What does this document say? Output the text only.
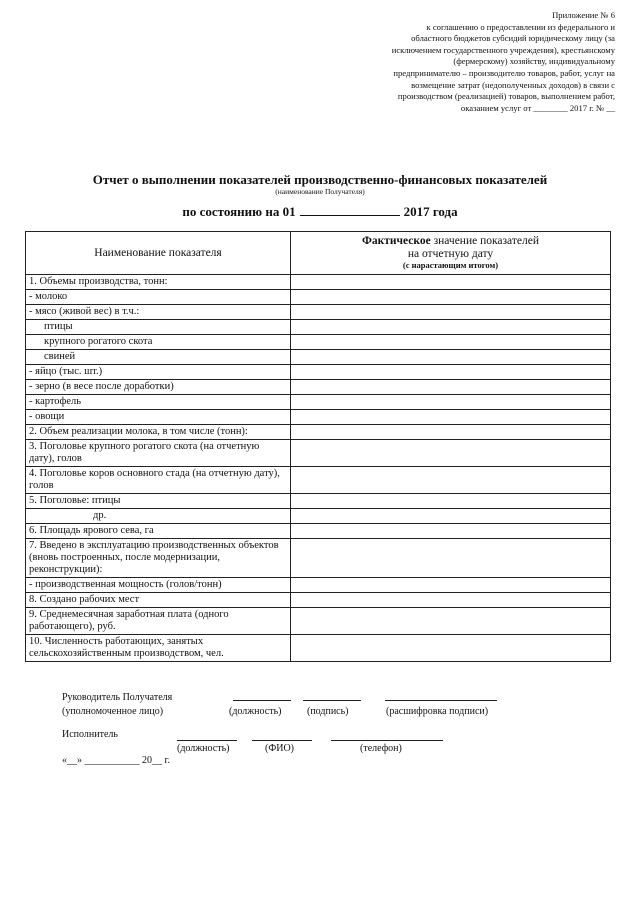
Приложение № 6
к соглашению о предоставлении из федерального и
областного бюджетов субсидий юридическому лицу (за
исключением государственного учреждения), крестьянскому
(фермерскому) хозяйству, индивидуальному
предпринимателю – производителю товаров, работ, услуг на
возмещение затрат (недополученных доходов) в связи с
производством (реализацией) товаров, выполнением работ,
оказанием услуг от ________ 2017 г. № __
Отчет о выполнении показателей производственно-финансовых показателей
(наименование Получателя)
по состоянию на 01	2017 года
Наименование показателя	Фактическое значение показателей
на отчетную дату
(с нарастающим итогом)

1. Объемы производства, тонн:	
- молоко	
- мясо (живой вес) в т.ч.:	
птицы	
крупного рогатого скота	
свиней	
- яйцо (тыс. шт.)	
- зерно (в весе после доработки)	
- картофель	
- овощи	
2. Объем реализации молока, в том числе (тонн):	
3. Поголовье крупного рогатого скота (на отчетную дату), голов	
4. Поголовье коров основного стада (на отчетную дату), голов	
5. Поголовье: птицы	
др.	
6. Площадь ярового сева, га	
7. Введено в эксплуатацию производственных объектов (вновь построенных, после модернизации, реконструкции):	
- производственная мощность (голов/тонн)	
8. Создано рабочих мест	
9. Среднемесячная заработная плата (одного работающего), руб.	
10. Численность работающих, занятых сельскохозяйственным производством, чел.	
Руководитель Получателя
(уполномоченное лицо)	(должность)	(подпись)	(расшифровка подписи)
Исполнитель
(должность)	(ФИО)	(телефон)
«__» ___________ 20__ г.
